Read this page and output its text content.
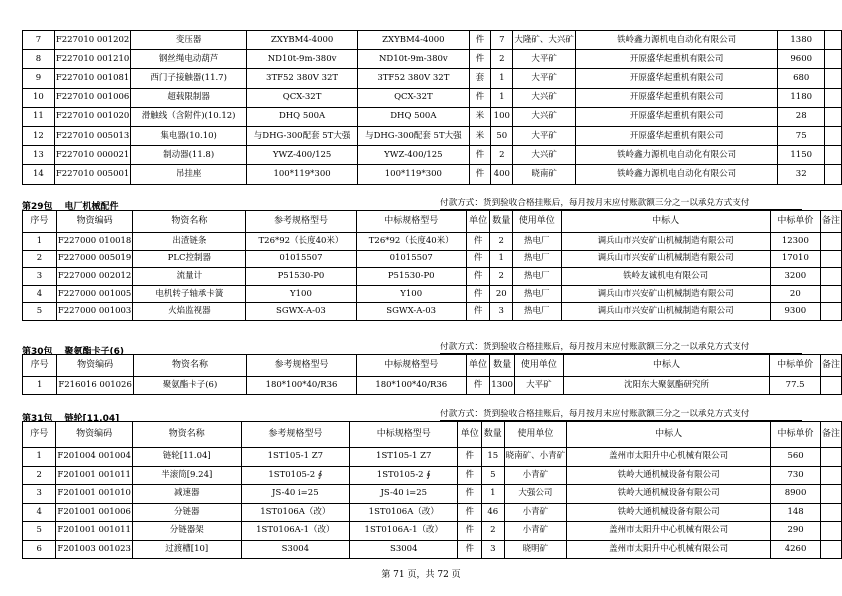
7	F227010 001202	变压器	ZXYBM4-4000	ZXYBM4-4000	件	7	大隆矿、大兴矿	铁岭鑫力源机电自动化有限公司	1380	
8	F227010 001210	钢丝绳电动葫芦	ND10t-9m-380v	ND10t-9m-380v	件	2	大平矿	开原盛华起重机有限公司	9600	
9	F227010 001081	西门子接触器(11.7)	3TF52 380V 32T	3TF52 380V 32T	套	1	大平矿	开原盛华起重机有限公司	680	
10	F227010 001006	超载限制器	QCX-32T	QCX-32T	件	1	大兴矿	开原盛华起重机有限公司	1180	
11	F227010 001020	滑触线（含附件)(10.12)	DHQ 500A	DHQ 500A	米	100	大兴矿	开原盛华起重机有限公司	28	
12	F227010 005013	集电器(10.10)	与DHG-300配套 5T大强	与DHG-300配套 5T大强	米	50	大平矿	开原盛华起重机有限公司	75	
13	F227010 000021	制动器(11.8)	YWZ-400/125	YWZ-400/125	件	2	大兴矿	铁岭鑫力源机电自动化有限公司	1150	
14	F227010 005001	吊挂座	100*119*300	100*119*300	件	400	晓南矿	铁岭鑫力源机电自动化有限公司	32	
第29包 电厂机械配件	付款方式：货到验收合格挂账后，每月按月末应付账款额三分之一以承兑方式支付
序号	物资编码	物资名称	参考规格型号	中标规格型号	单位	数量	使用单位	中标人	中标单价	备注
1	F227000 010018	出渣链条	T26*92（长度40米）	T26*92（长度40米）	件	2	热电厂	调兵山市兴安矿山机械制造有限公司	12300	
2	F227000 005019	PLC控制器	01015507	01015507	件	1	热电厂	调兵山市兴安矿山机械制造有限公司	17010	
3	F227000 002012	流量计	P51530-P0	P51530-P0	件	2	热电厂	铁岭友诚机电有限公司	3200	
4	F227000 001005	电机转子轴承卡簧	Y100	Y100	件	20	热电厂	调兵山市兴安矿山机械制造有限公司	20	
5	F227000 001003	火焰监视器	SGWX-A-03	SGWX-A-03	件	3	热电厂	调兵山市兴安矿山机械制造有限公司	9300	
第30包 聚氨酯卡子(6)	付款方式：货到验收合格挂账后，每月按月末应付账款额三分之一以承兑方式支付
序号	物资编码	物资名称	参考规格型号	中标规格型号	单位	数量	使用单位	中标人	中标单价	备注
1	F216016 001026	聚氨酯卡子(6)	180*100*40/R36	180*100*40/R36	件	1300	大平矿	沈阳东大聚氨酯研究所	77.5	
第31包 链轮[11.04]	付款方式：货到验收合格挂账后，每月按月末应付账款额三分之一以承兑方式支付
序号	物资编码	物资名称	参考规格型号	中标规格型号	单位	数量	使用单位	中标人	中标单价	备注
1	F201004 001004	链轮[11.04]	1ST105-1 Z7	1ST105-1 Z7	件	15	晓南矿、小青矿	盖州市太阳升中心机械有限公司	560	
2	F201001 001011	半滚筒[9.24]	1ST0105-2 ∮	1ST0105-2 ∮	件	5	小青矿	铁岭大通机械设备有限公司	730	
3	F201001 001010	减速器	JS-40 i=25	JS-40 i=25	件	1	大强公司	铁岭大通机械设备有限公司	8900	
4	F201001 001006	分链器	1ST0106A（改）	1ST0106A（改）	件	46	小青矿	铁岭大通机械设备有限公司	148	
5	F201001 001011	分链器架	1ST0106A-1（改）	1ST0106A-1（改）	件	2	小青矿	盖州市太阳升中心机械有限公司	290	
6	F201003 001023	过渡槽[10]	S3004	S3004	件	3	晓明矿	盖州市太阳升中心机械有限公司	4260	
第 71 页，共 72 页
